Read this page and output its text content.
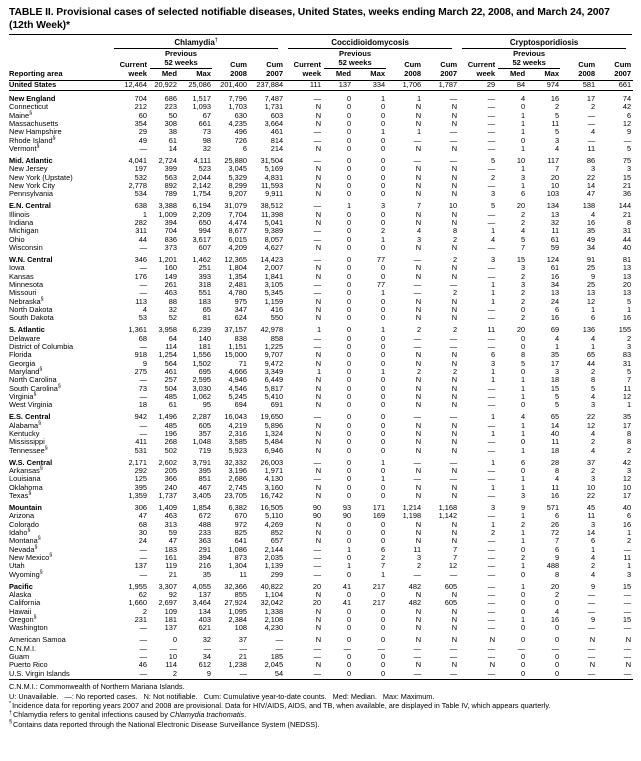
TABLE II. Provisional cases of selected notifiable diseases, United States, weeks ending March 22, 2008, and March 24, 2007
(12th Week)*

	Chlamydia†					Coccidioidomycosis					Cryptosporidiosis				

		Previous					Previous					Previous			
	Current	52 weeks		Cum	Cum	Current	52 weeks		Cum	Cum	Current	52 weeks		Cum	Cum
Reporting area	week	Med	Max	2008	2007	week	Med	Max	2008	2007	week	Med	Max	2008	2007
United States	12,464	20,922	25,086	201,400	237,884	111	137	334	1,706	1,787	29	84	974	581	661
New England	704	686	1,517	7,796	7,487	—	0	1	1	—	—	4	16	17	74
Connecticut	212	223	1,093	1,703	1,731	N	0	0	N	N	—	0	2	2	42
Maine§	60	50	67	630	603	N	0	0	N	N	—	1	5	—	6
Massachusetts	354	308	661	4,235	3,664	N	0	0	N	N	—	1	11	—	12
New Hampshire	29	38	73	496	461	—	0	1	1	—	—	1	5	4	9
Rhode Island§	49	61	98	726	814	—	0	0	—	—	—	0	3	—	—
Vermont§	—	14	32	6	214	N	0	0	N	N	—	1	4	11	5
Mid. Atlantic	4,041	2,724	4,111	25,880	31,504	—	0	0	—	—	5	10	117	86	75
New Jersey	197	399	523	3,045	5,169	N	0	0	N	N	—	1	7	3	3
New York (Upstate)	532	563	2,044	5,329	4,831	N	0	0	N	N	2	3	20	22	15
New York City	2,778	892	2,142	8,299	11,593	N	0	0	N	N	—	1	10	14	21
Pennsylvania	534	789	1,754	9,207	9,911	N	0	0	N	N	3	6	103	47	36
E.N. Central	638	3,388	6,194	31,079	38,512	—	1	3	7	10	5	20	134	138	144
Illinois	1	1,009	2,209	7,704	11,398	N	0	0	N	N	—	2	13	4	21
Indiana	282	394	650	4,474	5,041	N	0	0	N	N	—	2	32	16	8
Michigan	311	704	994	8,677	9,389	—	0	2	4	8	1	4	11	35	31
Ohio	44	836	3,617	6,015	8,057	—	0	1	3	2	4	5	61	49	44
Wisconsin	—	373	607	4,209	4,627	N	0	0	N	N	—	7	59	34	40
W.N. Central	346	1,201	1,462	12,365	14,423	—	0	77	—	2	3	15	124	91	81
Iowa	—	160	251	1,804	2,007	N	0	0	N	N	—	3	61	25	13
Kansas	176	149	393	1,354	1,841	N	0	0	N	N	—	2	16	9	13
Minnesota	—	261	318	2,481	3,105	—	0	77	—	—	1	3	34	25	20
Missouri	—	463	551	4,780	5,345	—	0	1	—	2	1	2	13	13	13
Nebraska§	113	88	183	975	1,159	N	0	0	N	N	1	2	24	12	5
North Dakota	4	32	65	347	416	N	0	0	N	N	—	0	6	1	1
South Dakota	53	52	81	624	550	N	0	0	N	N	—	2	16	6	16
S. Atlantic	1,361	3,958	6,239	37,157	42,978	1	0	1	2	2	11	20	69	136	155
Delaware	68	64	140	838	858	—	0	0	—	—	—	0	4	4	2
District of Columbia	—	114	181	1,151	1,225	—	0	0	—	—	—	0	1	1	3
Florida	918	1,254	1,556	15,000	9,707	N	0	0	N	N	6	8	35	65	83
Georgia	9	564	1,502	71	9,472	N	0	0	N	N	3	5	17	44	31
Maryland§	275	461	695	4,666	3,349	1	0	1	2	2	1	0	3	2	5
North Carolina	—	257	2,595	4,946	6,449	N	0	0	N	N	1	1	18	8	7
South Carolina§	73	504	3,030	4,546	5,817	N	0	0	N	N	—	1	15	5	11
Virginia§	—	485	1,062	5,245	5,410	N	0	0	N	N	—	1	5	4	12
West Virginia	18	61	95	694	691	N	0	0	N	N	—	0	5	3	1
E.S. Central	942	1,496	2,287	16,043	19,650	—	0	0	—	—	1	4	65	22	35
Alabama§	—	485	605	4,219	5,896	N	0	0	N	N	—	1	14	12	17
Kentucky	—	196	357	2,316	1,324	N	0	0	N	N	1	1	40	4	8
Mississippi	411	268	1,048	3,585	5,484	N	0	0	N	N	—	0	11	2	8
Tennessee§	531	502	719	5,923	6,946	N	0	0	N	N	—	1	18	4	2
W.S. Central	2,171	2,602	3,791	32,332	26,003	—	0	1	—	—	1	6	28	37	42
Arkansas§	292	205	395	3,196	1,971	N	0	0	N	N	—	0	8	2	3
Louisiana	125	366	851	2,686	4,130	—	0	1	—	—	—	1	4	3	12
Oklahoma	395	240	467	2,745	3,160	N	0	0	N	N	1	1	11	10	10
Texas§	1,359	1,737	3,405	23,705	16,742	N	0	0	N	N	—	3	16	22	17
Mountain	306	1,409	1,854	6,382	16,505	90	93	171	1,214	1,168	3	9	571	45	40
Arizona	47	463	672	670	5,110	90	90	169	1,198	1,142	—	1	6	11	6
Colorado	68	313	488	972	4,269	N	0	0	N	N	1	2	26	3	16
Idaho§	30	59	233	825	852	N	0	0	N	N	2	1	72	14	1
Montana§	24	47	363	641	657	N	0	0	N	N	—	1	7	6	2
Nevada§	—	183	291	1,086	2,144	—	1	6	11	7	—	0	6	1	—
New Mexico§	—	161	394	873	2,035	—	0	2	3	7	—	2	9	4	11
Utah	137	119	216	1,304	1,139	—	1	7	2	12	—	1	488	2	1
Wyoming§	—	21	35	11	299	—	0	1	—	—	—	0	8	4	3
Pacific	1,955	3,307	4,055	32,366	40,822	20	41	217	482	605	—	1	20	9	15
Alaska	62	92	137	855	1,104	N	0	0	N	N	—	0	2	—	—
California	1,660	2,697	3,464	27,924	32,042	20	41	217	482	605	—	0	0	—	—
Hawaii	2	109	134	1,095	1,338	N	0	0	N	N	—	0	4	—	—
Oregon§	231	181	403	2,384	2,108	N	0	0	N	N	—	1	16	9	15
Washington	—	137	621	108	4,230	N	0	0	N	N	—	0	0	—	—
American Samoa	—	0	32	37	—	N	0	0	N	N	N	0	0	N	N
C.N.M.I.	—	—	—	—	—	—	—	—	—	—	—	—	—	—	—
Guam	—	10	34	21	185	—	0	0	—	—	—	0	0	—	—
Puerto Rico	46	114	612	1,238	2,045	N	0	0	N	N	N	0	0	N	N
U.S. Virgin Islands	—	2	9	—	54	—	0	0	—	—	—	0	0	—	—
C.N.M.I.: Commonwealth of Northern Mariana Islands.
U: Unavailable.   —: No reported cases.   N: Not notifiable.   Cum: Cumulative year-to-date counts.   Med: Median.   Max: Maximum.
*Incidence data for reporting years 2007 and 2008 are provisional. Data for HIV/AIDS, AIDS, and TB, when available, are displayed in Table IV, which appears quarterly.
†Chlamydia refers to genital infections caused by Chlamydia trachomatis.
§Contains data reported through the National Electronic Disease Surveillance System (NEDSS).
